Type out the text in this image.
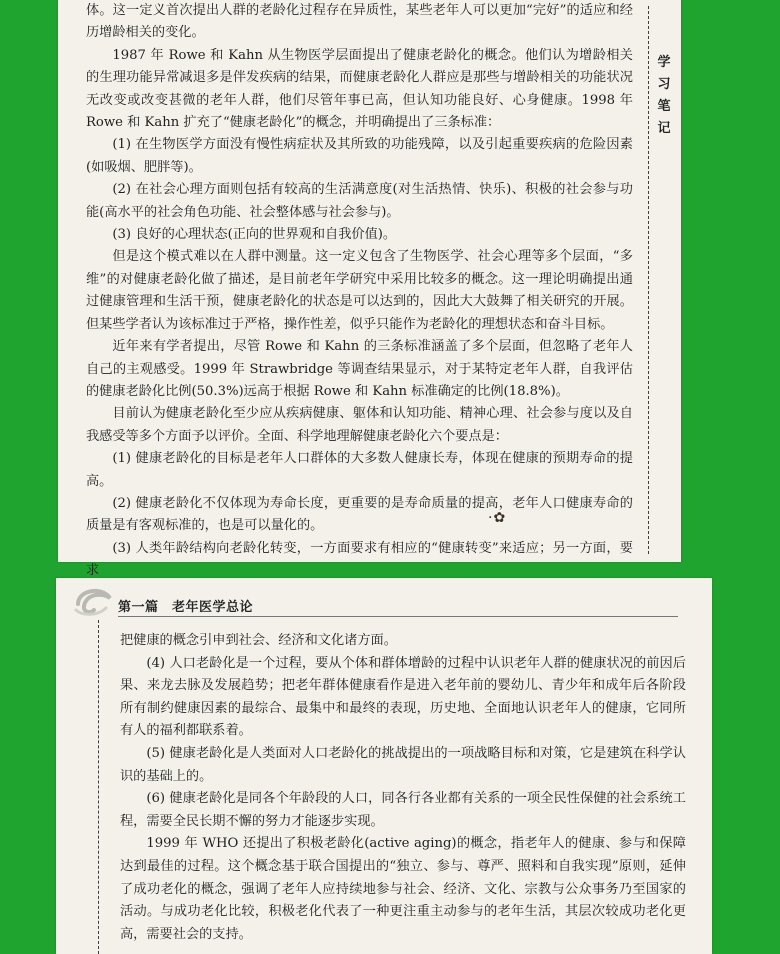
体。这一定义首次提出人群的老龄化过程存在异质性，某些老年人可以更加“完好”的适应和经历增龄相关的变化。

1987 年 Rowe 和 Kahn 从生物医学层面提出了健康老龄化的概念。他们认为增龄相关的生理功能异常减退多是伴发疾病的结果，而健康老龄化人群应是那些与增龄相关的功能状况无改变或改变甚微的老年人群，他们尽管年事已高，但认知功能良好、心身健康。1998 年 Rowe 和 Kahn 扩充了“健康老龄化”的概念，并明确提出了三条标准：

(1) 在生物医学方面没有慢性病症状及其所致的功能残障，以及引起重要疾病的危险因素(如吸烟、肥胖等)。

(2) 在社会心理方面则包括有较高的生活满意度(对生活热情、快乐)、积极的社会参与功能(高水平的社会角色功能、社会整体感与社会参与)。

(3) 良好的心理状态(正向的世界观和自我价值)。

但是这个模式难以在人群中测量。这一定义包含了生物医学、社会心理等多个层面，“多维”的对健康老龄化做了描述，是目前老年学研究中采用比较多的概念。这一理论明确提出通过健康管理和生活干预，健康老龄化的状态是可以达到的，因此大大鼓舞了相关研究的开展。但某些学者认为该标准过于严格，操作性差，似乎只能作为老龄化的理想状态和奋斗目标。

近年来有学者提出，尽管 Rowe 和 Kahn 的三条标准涵盖了多个层面，但忽略了老年人自己的主观感受。1999 年 Strawbridge 等调查结果显示，对于某特定老年人群，自我评估的健康老龄化比例(50.3%)远高于根据 Rowe 和 Kahn 标准确定的比例(18.8%)。

目前认为健康老龄化至少应从疾病健康、躯体和认知功能、精神心理、社会参与度以及自我感受等多个方面予以评价。全面、科学地理解健康老龄化六个要点是：

(1) 健康老龄化的目标是老年人口群体的大多数人健康长寿，体现在健康的预期寿命的提高。

(2) 健康老龄化不仅体现为寿命长度，更重要的是寿命质量的提高，老年人口健康寿命的质量是有客观标准的，也是可以量化的。

(3) 人类年龄结构向老龄化转变，一方面要求有相应的“健康转变”来适应；另一方面，要求

学
习
笔
记
·✿
第一篇　老年医学总论

把健康的概念引申到社会、经济和文化诸方面。

(4) 人口老龄化是一个过程，要从个体和群体增龄的过程中认识老年人群的健康状况的前因后果、来龙去脉及发展趋势；把老年群体健康看作是进入老年前的婴幼儿、青少年和成年后各阶段所有制约健康因素的最综合、最集中和最终的表现，历史地、全面地认识老年人的健康，它同所有人的福利都联系着。

(5) 健康老龄化是人类面对人口老龄化的挑战提出的一项战略目标和对策，它是建筑在科学认识的基础上的。

(6) 健康老龄化是同各个年龄段的人口，同各行各业都有关系的一项全民性保健的社会系统工程，需要全民长期不懈的努力才能逐步实现。

1999 年 WHO 还提出了积极老龄化(active aging)的概念，指老年人的健康、参与和保障达到最佳的过程。这个概念基于联合国提出的“独立、参与、尊严、照料和自我实现”原则，延伸了成功老化的概念，强调了老年人应持续地参与社会、经济、文化、宗教与公众事务乃至国家的活动。与成功老化比较，积极老化代表了一种更注重主动参与的老年生活，其层次较成功老化更高，需要社会的支持。
